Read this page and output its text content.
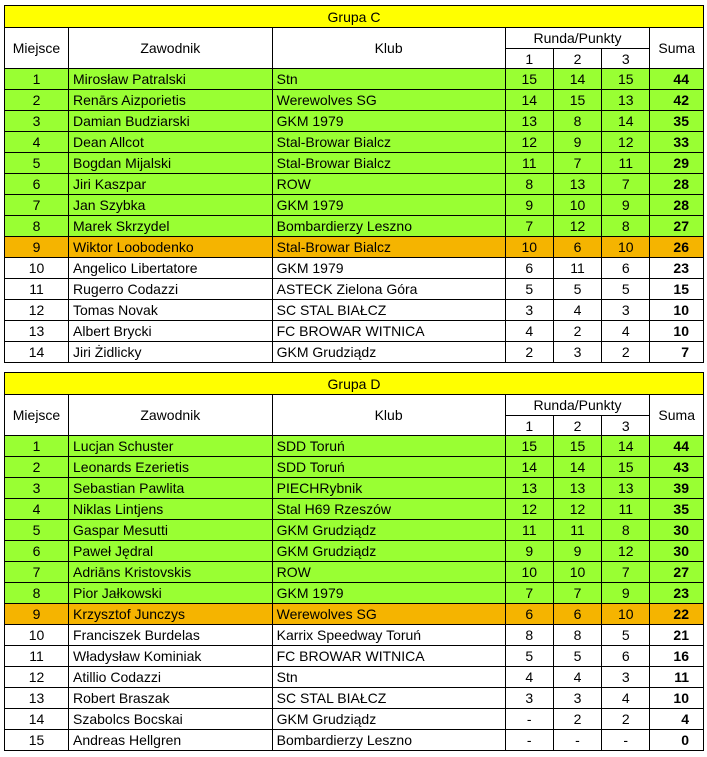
Grupa C						
Miejsce	Zawodnik	Klub	Runda/Punkty			Suma
			1	2	3	
1	Mirosław Patralski	Stn	15	14	15	44
2	Renārs Aizporietis	Werewolves SG	14	15	13	42
3	Damian Budziarski	GKM 1979	13	8	14	35
4	Dean Allcot	Stal-Browar Bialcz	12	9	12	33
5	Bogdan Mijalski	Stal-Browar Bialcz	11	7	11	29
6	Jiri Kaszpar	ROW	8	13	7	28
7	Jan Szybka	GKM 1979	9	10	9	28
8	Marek Skrzydel	Bombardierzy Leszno	7	12	8	27
9	Wiktor Loobodenko	Stal-Browar Bialcz	10	6	10	26
10	Angelico Libertatore	GKM 1979	6	11	6	23
11	Rugerro Codazzi	ASTECK Zielona Góra	5	5	5	15
12	Tomas Novak	SC STAL BIAŁCZ	3	4	3	10
13	Albert Brycki	FC BROWAR WITNICA	4	2	4	10
14	Jiri Żidlicky	GKM Grudziądz	2	3	2	7
Grupa D						
Miejsce	Zawodnik	Klub	Runda/Punkty			Suma
			1	2	3	
1	Lucjan Schuster	SDD Toruń	15	15	14	44
2	Leonards Ezerietis	SDD Toruń	14	14	15	43
3	Sebastian Pawlita	PIECHRybnik	13	13	13	39
4	Niklas Lintjens	Stal H69 Rzeszów	12	12	11	35
5	Gaspar Mesutti	GKM Grudziądz	11	11	8	30
6	Paweł Jędral	GKM Grudziądz	9	9	12	30
7	Adriāns Kristovskis	ROW	10	10	7	27
8	Pior Jałkowski	GKM 1979	7	7	9	23
9	Krzysztof Junczys	Werewolves SG	6	6	10	22
10	Franciszek Burdelas	Karrix Speedway Toruń	8	8	5	21
11	Władysław Kominiak	FC BROWAR WITNICA	5	5	6	16
12	Atillio Codazzi	Stn	4	4	3	11
13	Robert Braszak	SC STAL BIAŁCZ	3	3	4	10
14	Szabolcs Bocskai	GKM Grudziądz	-	2	2	4
15	Andreas Hellgren	Bombardierzy Leszno	-	-	-	0
